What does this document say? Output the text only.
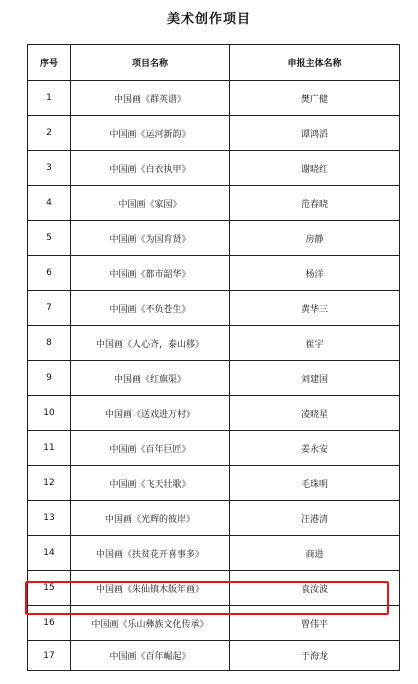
美术创作项目
序号	项目名称	申报主体名称
1	中国画《群英谱》	樊广健
2	中国画《运河新韵》	谭鸿滔
3	中国画《白衣执甲》	谢晓红
4	中国画《家园》	范春晓
5	中国画《为国育贤》	房静
6	中国画《都市韶华》	杨洋
7	中国画《不负苍生》	黄华三
8	中国画《人心齐，泰山移》	崔宇
9	中国画《红旗渠》	刘建国
10	中国画《送戏进万村》	凌晓星
11	中国画《百年巨匠》	姜永安
12	中国画《飞天壮歌》	毛珠明
13	中国画《光辉的彼岸》	汪港清
14	中国画《扶贫花开喜事多》	商进
15	中国画《朱仙镇木版年画》	袁汝波
16	中国画《乐山彝族文化传承》	曾伟平
17	中国画《百年崛起》	于海龙
